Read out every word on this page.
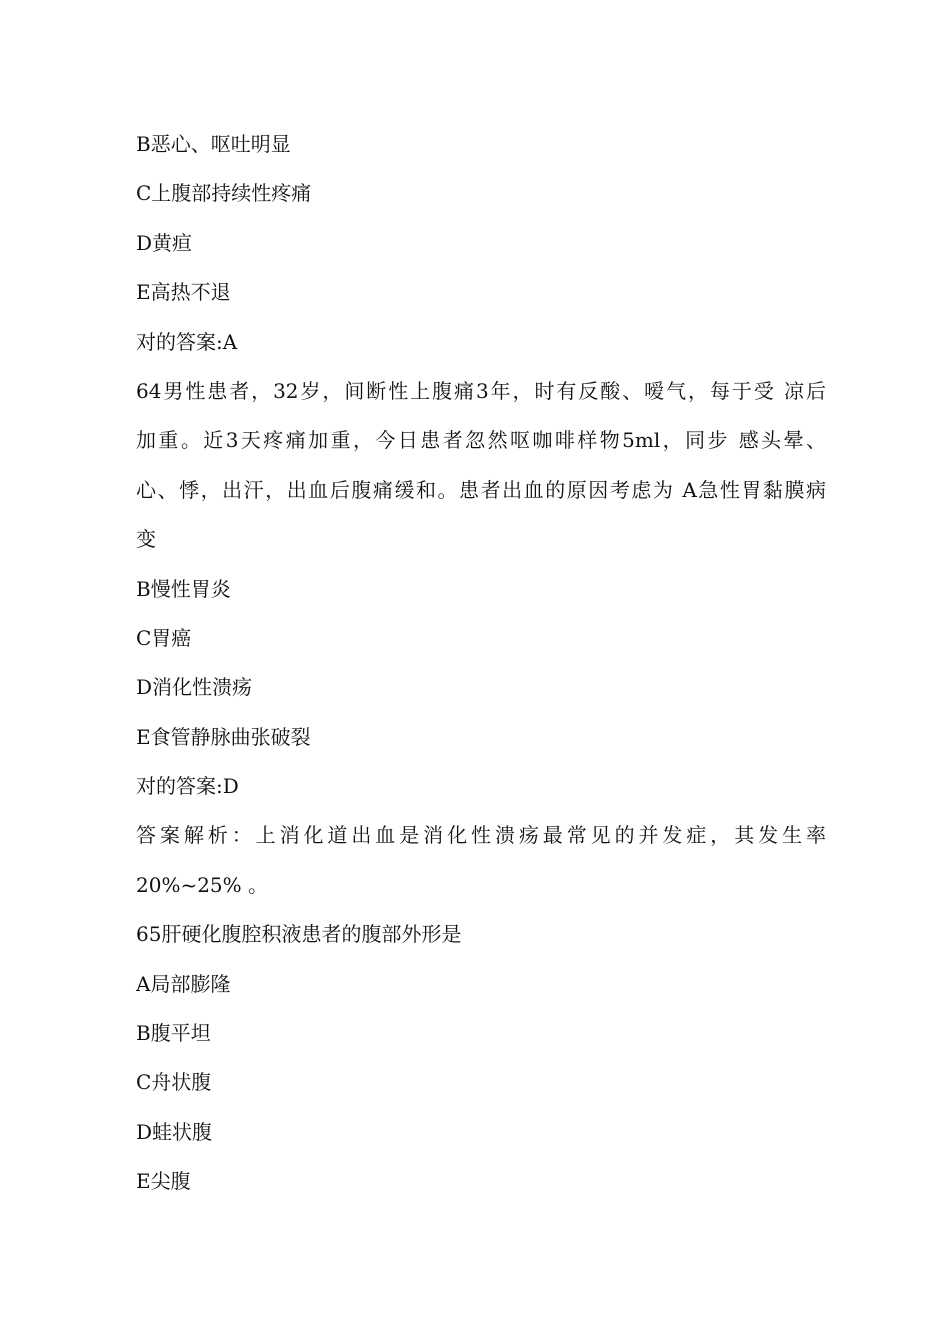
B恶心、呕吐明显
C上腹部持续性疼痛
D黄疸
E高热不退
对的答案:A
64男性患者，32岁，间断性上腹痛3年，时有反酸、嗳气，每于受 凉后
加重。近3天疼痛加重，今日患者忽然呕咖啡样物5ml，同步 感头晕、
心、悸，出汗，出血后腹痛缓和。患者出血的原因考虑为 A急性胃黏膜病
变
B慢性胃炎
C胃癌
D消化性溃疡
E食管静脉曲张破裂
对的答案:D
答案解析：上消化道出血是消化性溃疡最常见的并发症，其发生率
20%~25% 。
65肝硬化腹腔积液患者的腹部外形是
A局部膨隆
B腹平坦
C舟状腹
D蛙状腹
E尖腹
